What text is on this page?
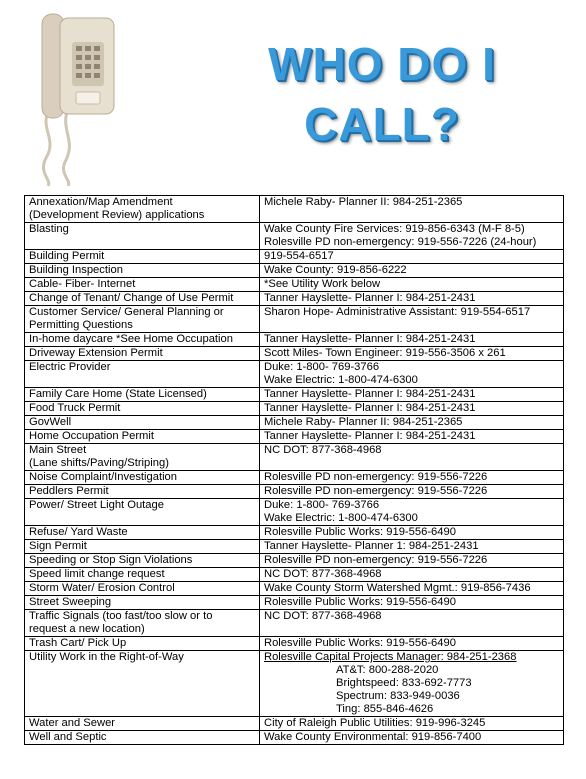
WHO DO I
CALL?
Annexation/Map Amendment
(Development Review) applications	Michele Raby- Planner II: 984-251-2365

Blasting	Wake County Fire Services: 919-856-6343 (M-F 8-5)
Rolesville PD non-emergency: 919-556-7226 (24-hour)

Building Permit	919-554-6517

Building Inspection	Wake County: 919-856-6222

Cable- Fiber- Internet	*See Utility Work below

Change of Tenant/ Change of Use Permit	Tanner Hayslette- Planner I: 984-251-2431

Customer Service/ General Planning or
Permitting Questions	Sharon Hope- Administrative Assistant: 919-554-6517

In-home daycare *See Home Occupation	Tanner Hayslette- Planner I: 984-251-2431

Driveway Extension Permit	Scott Miles- Town Engineer: 919-556-3506 x 261

Electric Provider	Duke: 1-800- 769-3766
Wake Electric: 1-800-474-6300

Family Care Home (State Licensed)	Tanner Hayslette- Planner I: 984-251-2431

Food Truck Permit	Tanner Hayslette- Planner I: 984-251-2431

GovWell	Michele Raby- Planner II: 984-251-2365

Home Occupation Permit	Tanner Hayslette- Planner I: 984-251-2431

Main Street
(Lane shifts/Paving/Striping)	NC DOT: 877-368-4968

Noise Complaint/Investigation	Rolesville PD non-emergency: 919-556-7226

Peddlers Permit	Rolesville PD non-emergency: 919-556-7226

Power/ Street Light Outage	Duke: 1-800- 769-3766
Wake Electric: 1-800-474-6300

Refuse/ Yard Waste	Rolesville Public Works: 919-556-6490

Sign Permit	Tanner Hayslette- Planner 1: 984-251-2431

Speeding or Stop Sign Violations	Rolesville PD non-emergency: 919-556-7226

Speed limit change request	NC DOT: 877-368-4968

Storm Water/ Erosion Control	Wake County Storm Watershed Mgmt.: 919-856-7436

Street Sweeping	Rolesville Public Works: 919-556-6490

Traffic Signals (too fast/too slow or to
request a new location)	NC DOT: 877-368-4968

Trash Cart/ Pick Up	Rolesville Public Works: 919-556-6490

Utility Work in the Right-of-Way	Rolesville Capital Projects Manager: 984-251-2368
AT&T: 800-288-2020
Brightspeed: 833-692-7773
Spectrum: 833-949-0036
Ting: 855-846-4626

Water and Sewer	City of Raleigh Public Utilities: 919-996-3245

Well and Septic	Wake County Environmental: 919-856-7400
